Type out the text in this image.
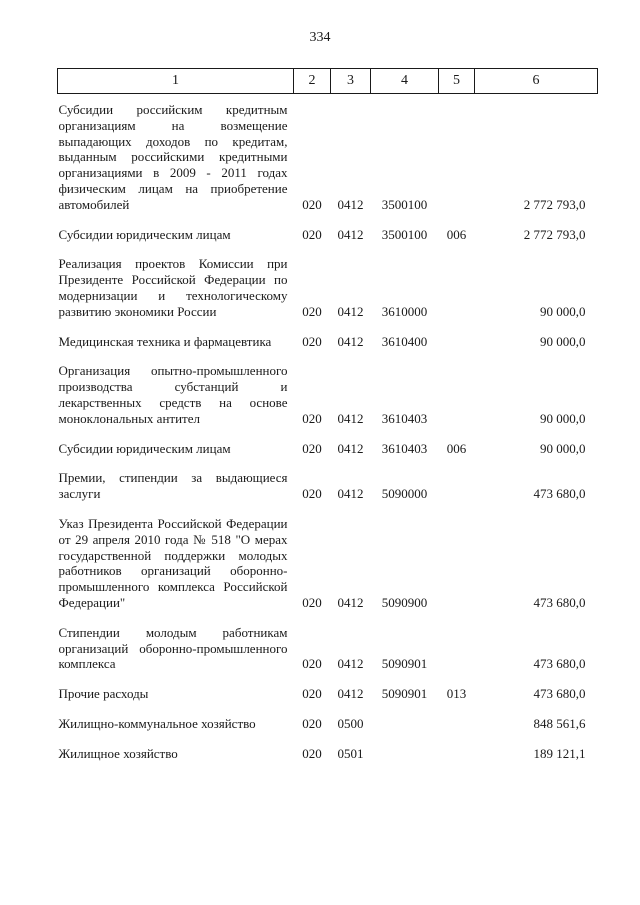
334
1	2	3	4	5	6

Субсидии российским кредитным организациям на возмещение выпадающих доходов по кредитам, выданным российскими кредитными организациями в 2009 - 2011 годах физическим лицам на приобретение автомобилей	020	0412	3500100		2 772 793,0

Субсидии юридическим лицам	020	0412	3500100	006	2 772 793,0

Реализация проектов Комиссии при Президенте Российской Федерации по модернизации и технологическому развитию экономики России	020	0412	3610000		90 000,0

Медицинская техника и фармацевтика	020	0412	3610400		90 000,0

Организация опытно-промышленного производства субстанций и лекарственных средств на основе моноклональных антител	020	0412	3610403		90 000,0

Субсидии юридическим лицам	020	0412	3610403	006	90 000,0

Премии, стипендии за выдающиеся заслуги	020	0412	5090000		473 680,0

Указ Президента Российской Федерации от 29 апреля 2010 года № 518 "О мерах государственной поддержки молодых работников организаций оборонно-промышленного комплекса Российской Федерации"	020	0412	5090900		473 680,0

Стипендии молодым работникам организаций оборонно-промышленного комплекса	020	0412	5090901		473 680,0

Прочие расходы	020	0412	5090901	013	473 680,0

Жилищно-коммунальное хозяйство	020	0500			848 561,6

Жилищное хозяйство	020	0501			189 121,1
